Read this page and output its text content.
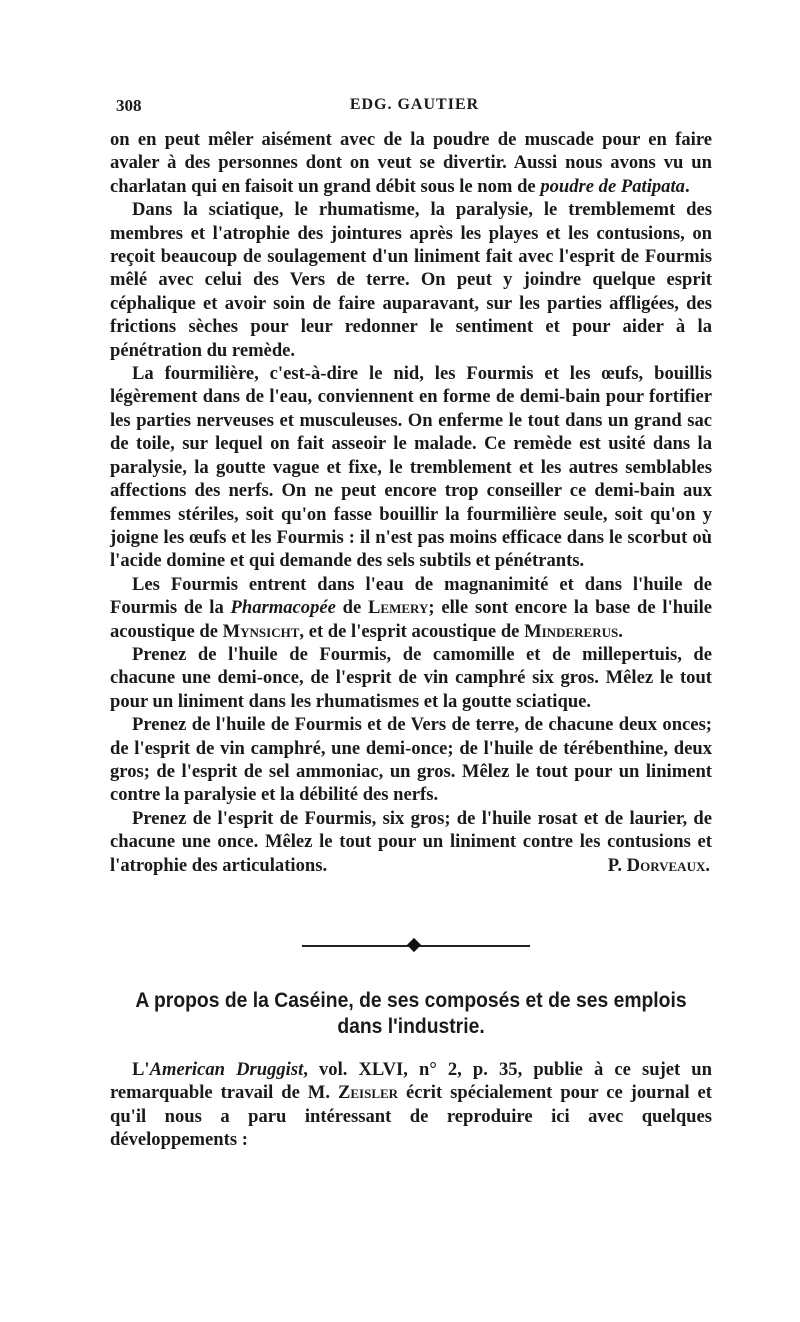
308	EDG. GAUTIER

on en peut mêler aisément avec de la poudre de muscade pour en faire avaler à des personnes dont on veut se divertir. Aussi nous avons vu un charlatan qui en faisoit un grand débit sous le nom de poudre de Patipata.

Dans la sciatique, le rhumatisme, la paralysie, le tremblememt des membres et l'atrophie des jointures après les playes et les contusions, on reçoit beaucoup de soulagement d'un liniment fait avec l'esprit de Fourmis mêlé avec celui des Vers de terre. On peut y joindre quelque esprit céphalique et avoir soin de faire auparavant, sur les parties affligées, des frictions sèches pour leur redonner le sentiment et pour aider à la pénétration du remède.

La fourmilière, c'est-à-dire le nid, les Fourmis et les œufs, bouillis légèrement dans de l'eau, conviennent en forme de demi-bain pour fortifier les parties nerveuses et musculeuses. On enferme le tout dans un grand sac de toile, sur lequel on fait asseoir le malade. Ce remède est usité dans la paralysie, la goutte vague et fixe, le tremblement et les autres semblables affections des nerfs. On ne peut encore trop conseiller ce demi-bain aux femmes stériles, soit qu'on fasse bouillir la fourmilière seule, soit qu'on y joigne les œufs et les Fourmis : il n'est pas moins efficace dans le scorbut où l'acide domine et qui demande des sels subtils et pénétrants.

Les Fourmis entrent dans l'eau de magnanimité et dans l'huile de Fourmis de la Pharmacopée de Lemery; elle sont encore la base de l'huile acoustique de Mynsicht, et de l'esprit acoustique de Mindererus.

Prenez de l'huile de Fourmis, de camomille et de millepertuis, de chacune une demi-once, de l'esprit de vin camphré six gros. Mêlez le tout pour un liniment dans les rhumatismes et la goutte sciatique.

Prenez de l'huile de Fourmis et de Vers de terre, de chacune deux onces; de l'esprit de vin camphré, une demi-once; de l'huile de térébenthine, deux gros; de l'esprit de sel ammoniac, un gros. Mêlez le tout pour un liniment contre la paralysie et la débilité des nerfs.

Prenez de l'esprit de Fourmis, six gros; de l'huile rosat et de laurier, de chacune une once. Mêlez le tout pour un liniment contre les contusions et l'atrophie des articulations.	P. Dorveaux.

A propos de la Caséine, de ses composés et de ses emplois dans l'industrie.

L'American Druggist, vol. XLVI, n° 2, p. 35, publie à ce sujet un remarquable travail de M. Zeisler écrit spécialement pour ce journal et qu'il nous a paru intéressant de reproduire ici avec quelques développements :
